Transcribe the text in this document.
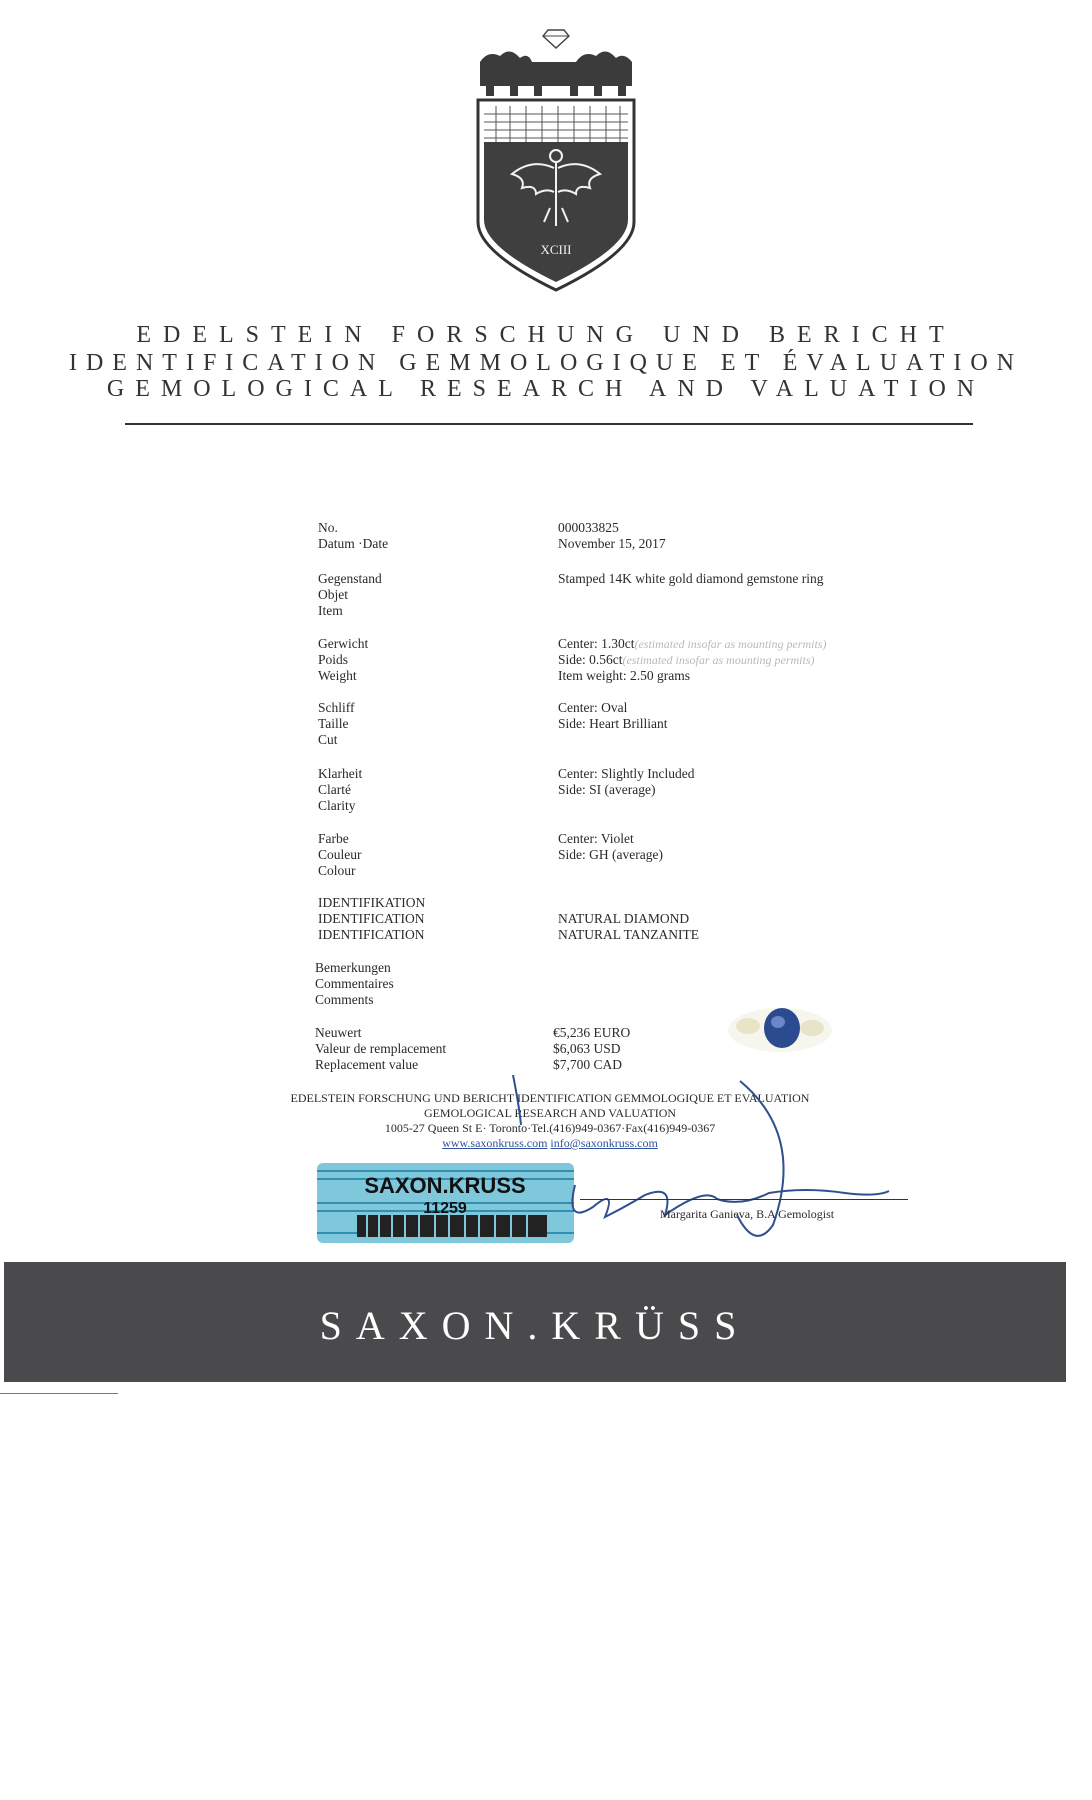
XCIII
EDELSTEIN FORSCHUNG UND BERICHT
IDENTIFICATION GEMMOLOGIQUE ET ÉVALUATION
GEMOLOGICAL RESEARCH AND VALUATION
No.
Datum ·Date
000033825
November 15, 2017
Gegenstand
Objet
Item
Stamped 14K white gold diamond gemstone ring
Gerwicht
Poids
Weight
Center: 1.30ct(estimated insofar as mounting permits)
Side: 0.56ct(estimated insofar as mounting permits)
Item weight: 2.50 grams
Schliff
Taille
Cut
Center: Oval
Side: Heart Brilliant
Klarheit
Clarté
Clarity
Center: Slightly Included
Side: SI (average)
Farbe
Couleur
Colour
Center: Violet
Side: GH (average)
IDENTIFIKATION
IDENTIFICATION
IDENTIFICATION
NATURAL DIAMOND
NATURAL TANZANITE
Bemerkungen
Commentaires
Comments
Neuwert
Valeur de remplacement
Replacement value
€5,236 EURO
$6,063 USD
$7,700 CAD
EDELSTEIN FORSCHUNG UND BERICHT IDENTIFICATION GEMMOLOGIQUE ET EVALUATION
GEMOLOGICAL RESEARCH AND VALUATION
1005-27 Queen St E· Toronto·Tel.(416)949-0367·Fax(416)949-0367
www.saxonkruss.com info@saxonkruss.com
SAXON.KRUSS
11259	Margarita Ganieva, B.A Gemologist
SAXON.KRÜSS
